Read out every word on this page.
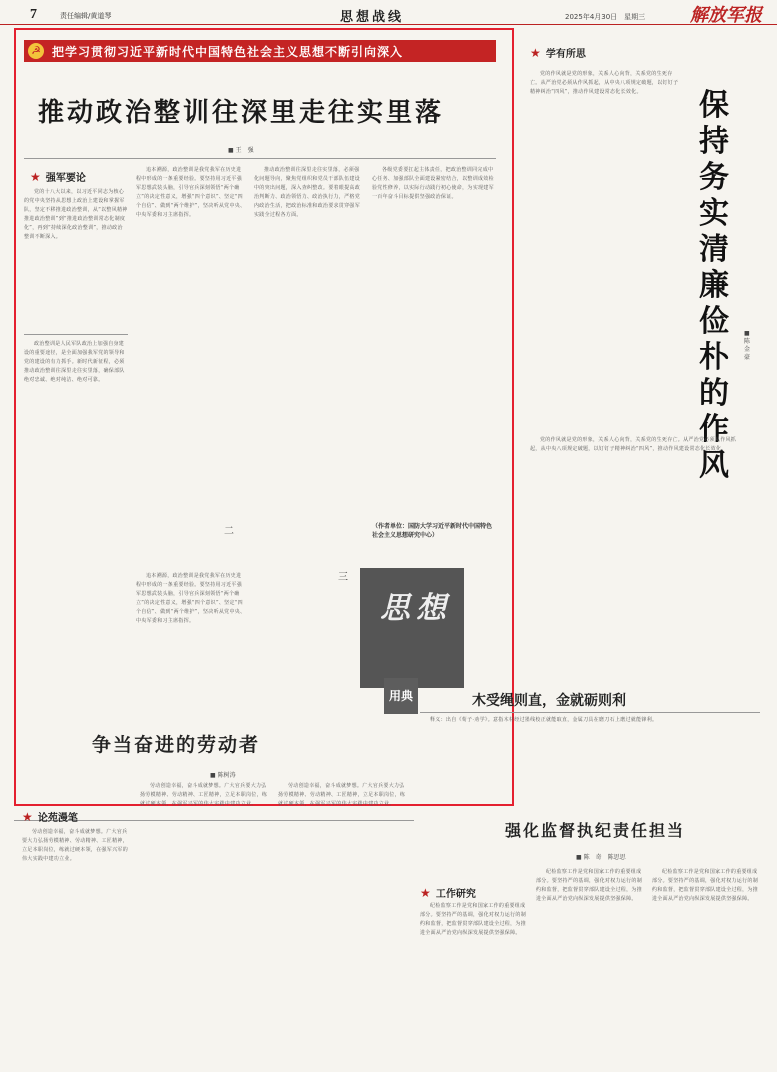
7	责任编辑/黄道琴	思想战线	2025年4月30日　星期三 解放军报
☭ 把学习贯彻习近平新时代中国特色社会主义思想不断引向深入
推动政治整训往深里走往实里落
■ 王　强
★ 强军要论
党的十八大以来，以习近平同志为核心的党中央坚持从思想上政治上建设和掌握军队，坚定不移推进政治整训，从“以整风精神推进政治整训”到“推进政治整训常态化制度化”，再到“持续深化政治整训”，推动政治整训不断深入。
政治整训是人民军队政治上加强自身建设的重要途径，是全面加强我军党的领导和党的建设的有力抓手。新时代新征程，必须推动政治整训往深里走往实里落，确保部队绝对忠诚、绝对纯洁、绝对可靠。
追本溯源，政治整训是我党我军在历史进程中形成的一条重要经验。要坚持用习近平强军思想武装头脑，引导官兵深刻领悟“两个确立”的决定性意义，增强“四个意识”、坚定“四个自信”、做到“两个维护”，坚决听从党中央、中央军委和习主席指挥。
二
追本溯源，政治整训是我党我军在历史进程中形成的一条重要经验。要坚持用习近平强军思想武装头脑，引导官兵深刻领悟“两个确立”的决定性意义，增强“四个意识”、坚定“四个自信”、做到“两个维护”，坚决听从党中央、中央军委和习主席指挥。
推动政治整训往深里走往实里落，必须强化问题导向，聚焦党组织和党员干部队伍建设中的突出问题，深入查纠整改。要着眼提高政治判断力、政治领悟力、政治执行力，严格党内政治生活，把政治标准和政治要求贯穿强军实践全过程各方面。
三
各级党委要扛起主体责任，把政治整训同完成中心任务、加强部队全面建设紧密结合，以整训成效检验党性修养，以实际行动践行初心使命，为实现建军一百年奋斗目标提供坚强政治保证。
（作者单位：国防大学习近平新时代中国特色社会主义思想研究中心）
思想
★ 学有所思
党的作风就是党的形象，关系人心向背，关系党的生死存亡。从严治党必须从作风抓起，从中央八项规定破题，以钉钉子精神纠治“四风”，推动作风建设常态化长效化。	保持务实清廉俭朴的作风
■ 陈金豪
党的作风就是党的形象，关系人心向背，关系党的生死存亡。从严治党必须从作风抓起，从中央八项规定破题，以钉钉子精神纠治“四风”，推动作风建设常态化长效化。
用典	木受绳则直，金就砺则利
释义：出自《荀子·劝学》。意指木材经过墨线校正就能取直，金属刀具在磨刀石上磨过就能锋利。
争当奋进的劳动者
■ 陈树涛
★ 论苑漫笔
劳动创造幸福，奋斗成就梦想。广大官兵要大力弘扬劳模精神、劳动精神、工匠精神，立足本职岗位，练就过硬本领，在强军兴军的伟大实践中建功立业。
劳动创造幸福，奋斗成就梦想。广大官兵要大力弘扬劳模精神、劳动精神、工匠精神，立足本职岗位，练就过硬本领，在强军兴军的伟大实践中建功立业。
劳动创造幸福，奋斗成就梦想。广大官兵要大力弘扬劳模精神、劳动精神、工匠精神，立足本职岗位，练就过硬本领，在强军兴军的伟大实践中建功立业。
强化监督执纪责任担当
■ 陈　奇　陈思思
★ 工作研究
纪检监察工作是党和国家工作的重要组成部分。要坚持严的基调，强化对权力运行的制约和监督，把监督贯穿部队建设全过程，为推进全面从严治党向纵深发展提供坚强保障。
纪检监察工作是党和国家工作的重要组成部分。要坚持严的基调，强化对权力运行的制约和监督，把监督贯穿部队建设全过程，为推进全面从严治党向纵深发展提供坚强保障。
纪检监察工作是党和国家工作的重要组成部分。要坚持严的基调，强化对权力运行的制约和监督，把监督贯穿部队建设全过程，为推进全面从严治党向纵深发展提供坚强保障。
